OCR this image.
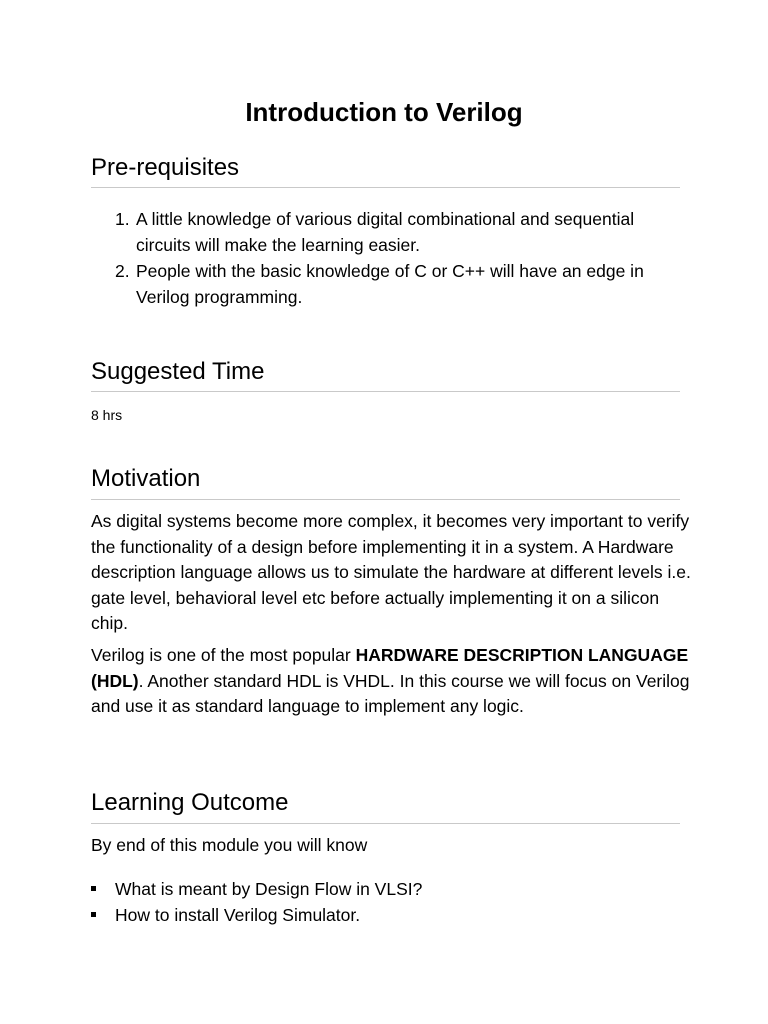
Introduction to Verilog
Pre-requisites
1. A little knowledge of various digital combinational and sequential
circuits will make the learning easier.
2. People with the basic knowledge of C or C++ will have an edge in
Verilog programming.
Suggested Time
8 hrs
Motivation

As digital systems become more complex, it becomes very important to verify the functionality of a design before implementing it in a system. A Hardware description language allows us to simulate the hardware at different levels i.e. gate level, behavioral level etc before actually implementing it on a silicon chip.

Verilog is one of the most popular HARDWARE DESCRIPTION LANGUAGE (HDL). Another standard HDL is VHDL. In this course we will focus on Verilog and use it as standard language to implement any logic.

Learning Outcome
By end of this module you will know
What is meant by Design Flow in VLSI?
How to install Verilog Simulator.
